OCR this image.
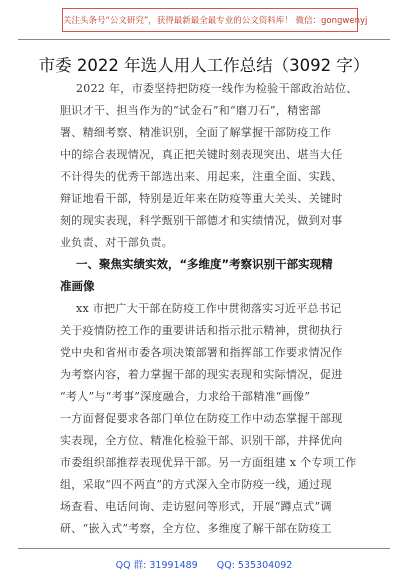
关注头条号“公文研究”，获得最新最全最专业的公文资料库！ 微信：gongwenyj
市委 2022 年选人用人工作总结（3092 字）
2022 年，市委坚持把防疫一线作为检验干部政治站位、
胆识才干、担当作为的“试金石”和“磨刀石”，精密部
署、精细考察、精准识别，全面了解掌握干部防疫工作
中的综合表现情况，真正把关键时刻表现突出、堪当大任
不计得失的优秀干部选出来、用起来，注重全面、实践、
辩证地看干部，特别是近年来在防疫等重大关头、关键时
刻的现实表现，科学甄别干部德才和实绩情况，做到对事
业负责、对干部负责。
一、聚焦实绩实效，“多维度”考察识别干部实现精
准画像
xx 市把广大干部在防疫工作中贯彻落实习近平总书记
关于疫情防控工作的重要讲话和指示批示精神，贯彻执行
党中央和省州市委各项决策部署和指挥部工作要求情况作
为考察内容，着力掌握干部的现实表现和实际情况，促进
“考人”与“考事”深度融合，力求给干部精准“画像”
一方面督促要求各部门单位在防疫工作中动态掌握干部现
实表现，全方位、精准化检验干部、识别干部，并择优向
市委组织部推荐表现优异干部。另一方面组建 x 个专项工作
组，采取“四不两直”的方式深入全市防疫一线，通过现
场查看、电话问询、走访慰问等形式，开展“蹲点式”调
研、“嵌入式”考察，全方位、多维度了解干部在防疫工
QQ 群: 31991489 QQ: 535304092
